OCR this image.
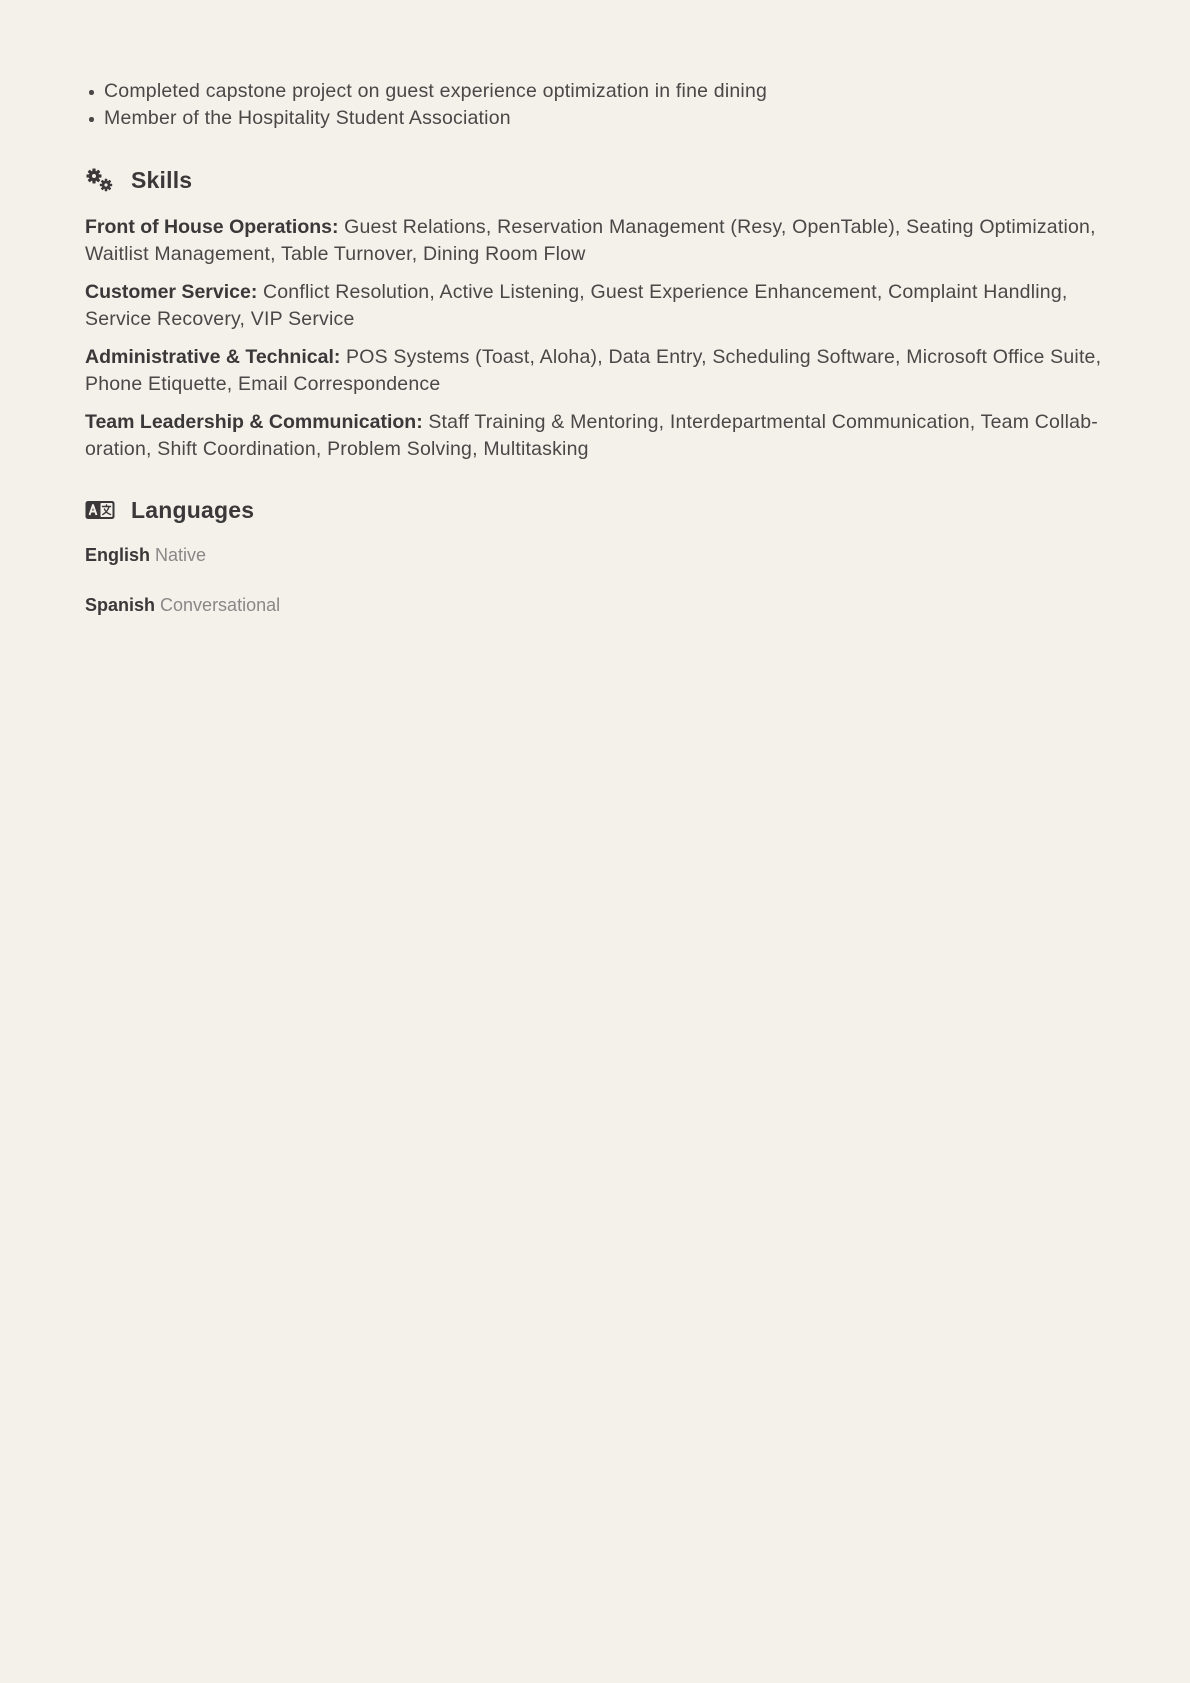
Completed capstone project on guest experience optimization in fine dining
Member of the Hospitality Student Association
Skills

Front of House Operations: Guest Relations, Reservation Management (Resy, OpenTable), Seating Optimization, Waitlist Management, Table Turnover, Dining Room Flow

Customer Service: Conflict Resolution, Active Listening, Guest Experience Enhancement, Complaint Handling, Service Recovery, VIP Service

Administrative & Technical: POS Systems (Toast, Aloha), Data Entry, Scheduling Software, Microsoft Office Suite, Phone Etiquette, Email Correspondence

Team Leadership & Communication: Staff Training & Mentoring, Interdepartmental Communication, Team Collaboration, Shift Coordination, Problem Solving, Multitasking

Languages

English Native

Spanish Conversational
